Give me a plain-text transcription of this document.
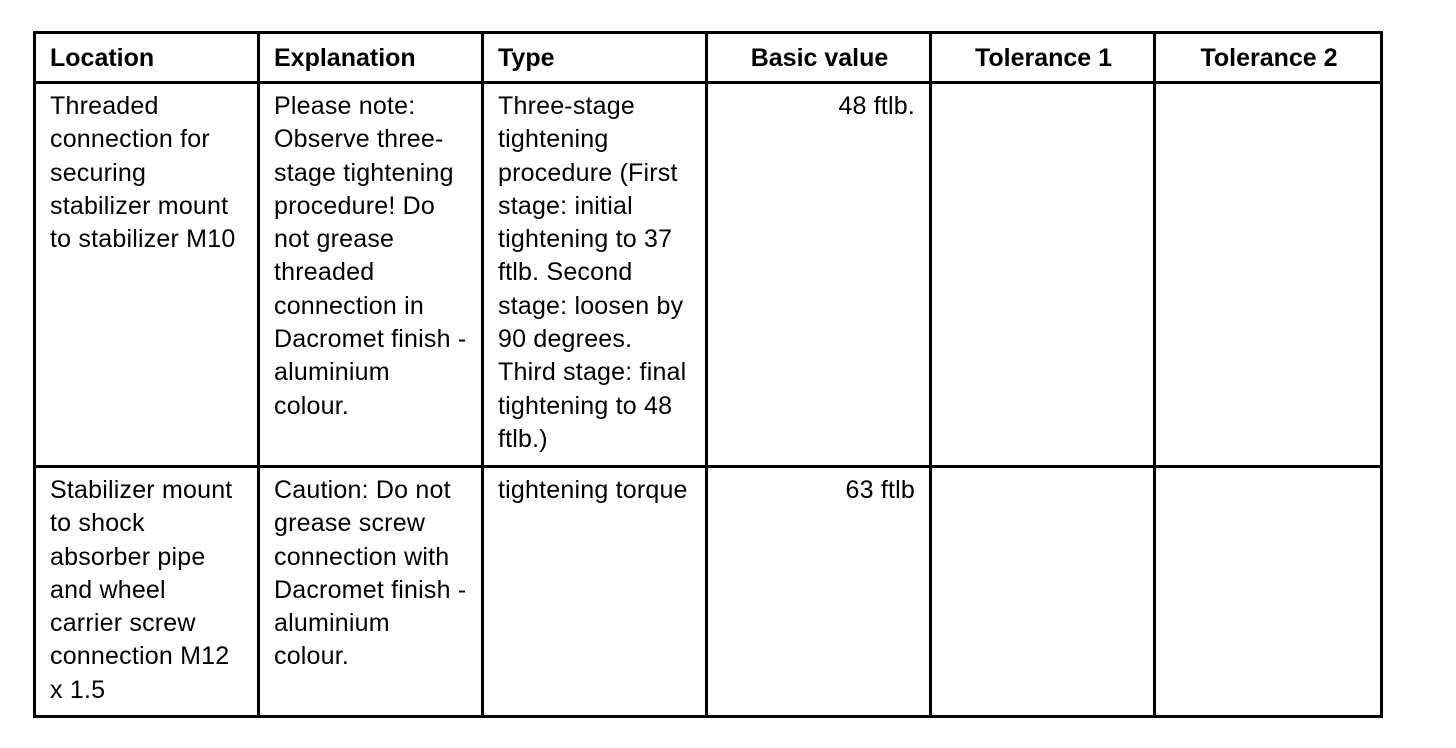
Location	Explanation	Type	Basic value	Tolerance 1	Tolerance 2
Threaded connection for securing stabilizer mount to stabilizer M10	Please note: Observe three-stage tightening procedure! Do not grease threaded connection in Dacromet finish - aluminium colour.	Three-stage tightening procedure (First stage: initial tightening to 37 ftlb. Second stage: loosen by 90 degrees. Third stage: final tightening to 48 ftlb.)	48 ftlb.		
Stabilizer mount to shock absorber pipe and wheel carrier screw connection M12 x 1.5	Caution: Do not grease screw connection with Dacromet finish - aluminium colour.	tightening torque	63 ftlb		
